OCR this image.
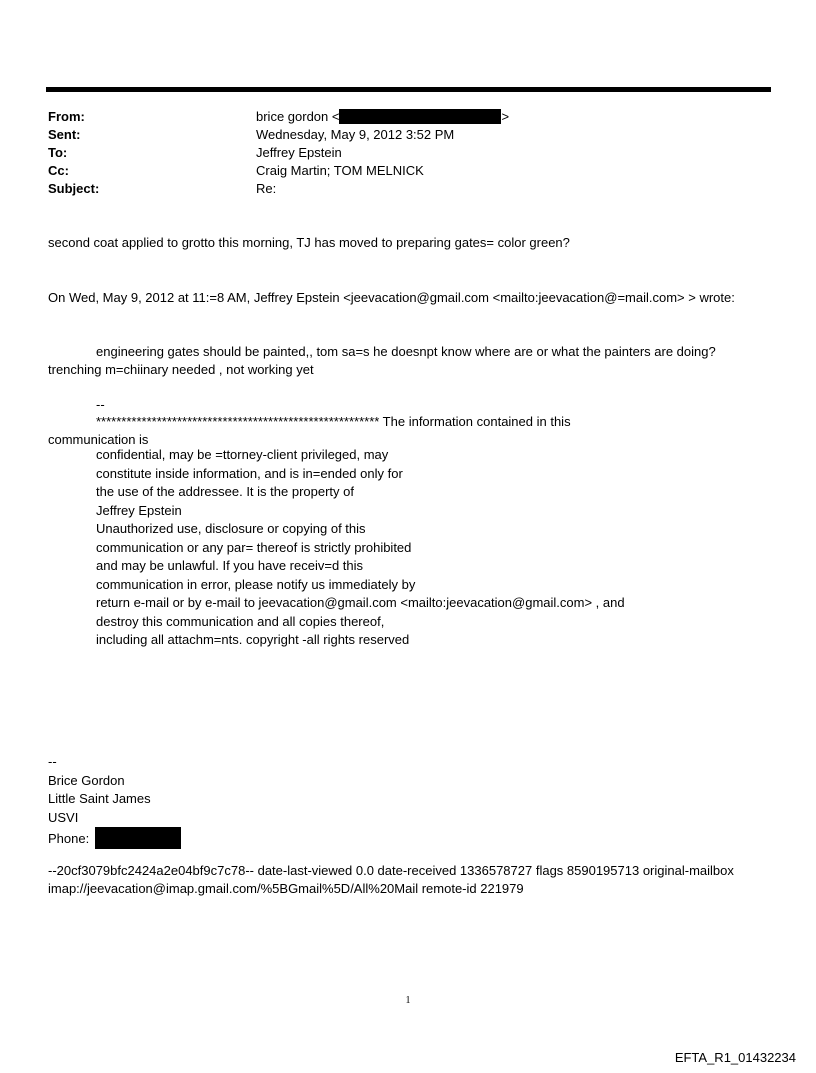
From:	brice gordon <	>
Sent:	Wednesday, May 9, 2012 3:52 PM
To:	Jeffrey Epstein
Cc:	Craig Martin; TOM MELNICK
Subject:	Re:
second coat applied to grotto this morning, TJ has moved to preparing gates= color green?
On Wed, May 9, 2012 at 11:=8 AM, Jeffrey Epstein <jeevacation@gmail.com <mailto:jeevacation@=mail.com> > wrote:
engineering gates should be painted,, tom sa=s he doesnpt know where are or what the painters are doing?
trenching m=chiinary needed , not working yet
--
******************************************************** The information contained in this
communication is
confidential, may be =ttorney-client privileged, may
constitute inside information, and is in=ended only for
the use of the addressee. It is the property of
Jeffrey Epstein
Unauthorized use, disclosure or copying of this
communication or any par= thereof is strictly prohibited
and may be unlawful. If you have receiv=d this
communication in error, please notify us immediately by
return e-mail or by e-mail to jeevacation@gmail.com <mailto:jeevacation@gmail.com> , and
destroy this communication and all copies thereof,
including all attachm=nts. copyright -all rights reserved
--
Brice Gordon
Little Saint James
USVI
Phone:
--20cf3079bfc2424a2e04bf9c7c78-- date-last-viewed 0.0 date-received 1336578727 flags 8590195713 original-mailbox
imap://jeevacation@imap.gmail.com/%5BGmail%5D/All%20Mail remote-id 221979
1
EFTA_R1_01432234
